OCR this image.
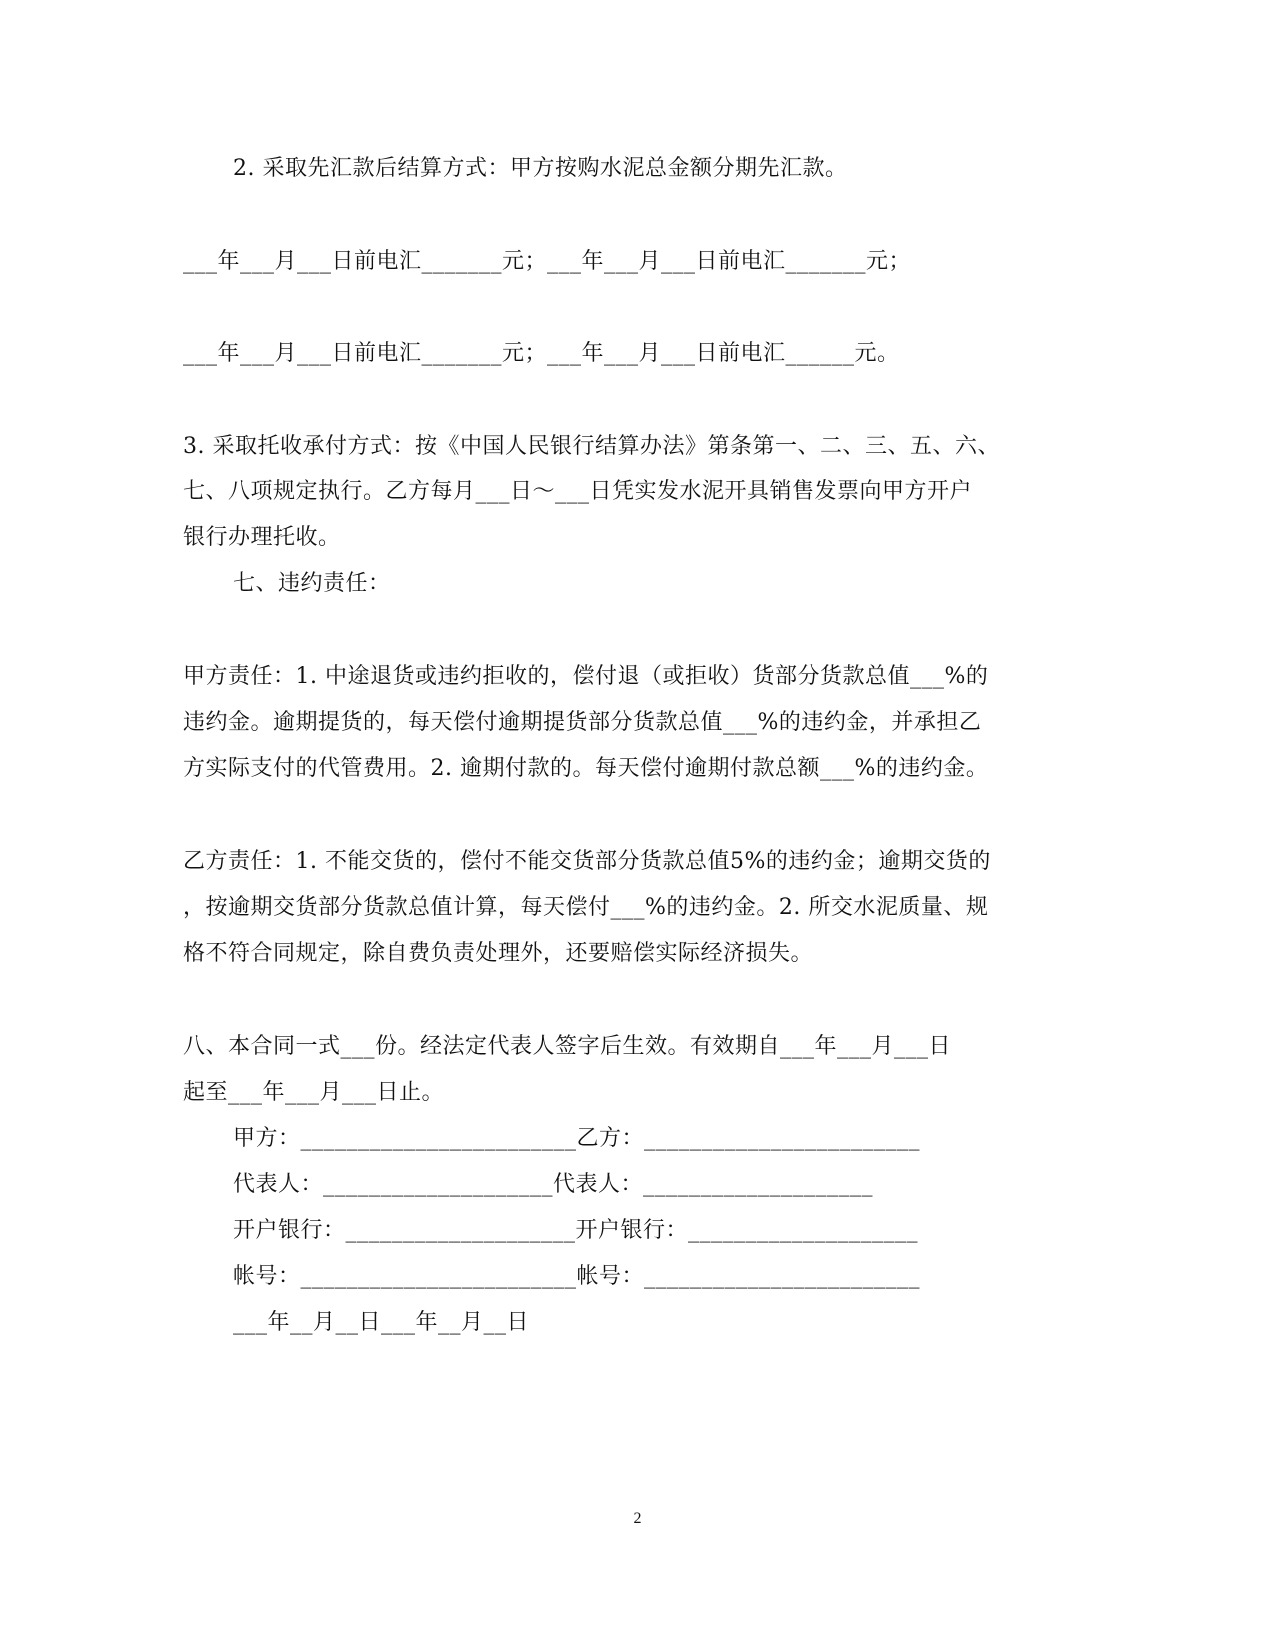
2. 采取先汇款后结算方式：甲方按购水泥总金额分期先汇款。
___年___月___日前电汇_______元；___年___月___日前电汇_______元；
___年___月___日前电汇_______元；___年___月___日前电汇______元。
3. 采取托收承付方式：按《中国人民银行结算办法》第条第一、二、三、五、六、
七、八项规定执行。乙方每月___日～___日凭实发水泥开具销售发票向甲方开户
银行办理托收。
七、违约责任：
甲方责任：1. 中途退货或违约拒收的，偿付退（或拒收）货部分货款总值___%的
违约金。逾期提货的，每天偿付逾期提货部分货款总值___%的违约金，并承担乙
方实际支付的代管费用。2. 逾期付款的。每天偿付逾期付款总额___%的违约金。
乙方责任：1. 不能交货的，偿付不能交货部分货款总值5%的违约金；逾期交货的
，按逾期交货部分货款总值计算，每天偿付___%的违约金。2. 所交水泥质量、规
格不符合同规定，除自费负责处理外，还要赔偿实际经济损失。
八、本合同一式___份。经法定代表人签字后生效。有效期自___年___月___日
起至___年___月___日止。
甲方：________________________乙方：________________________
代表人：____________________代表人：____________________
开户银行：____________________开户银行：____________________
帐号：________________________帐号：________________________
___年__月__日___年__月__日
2
